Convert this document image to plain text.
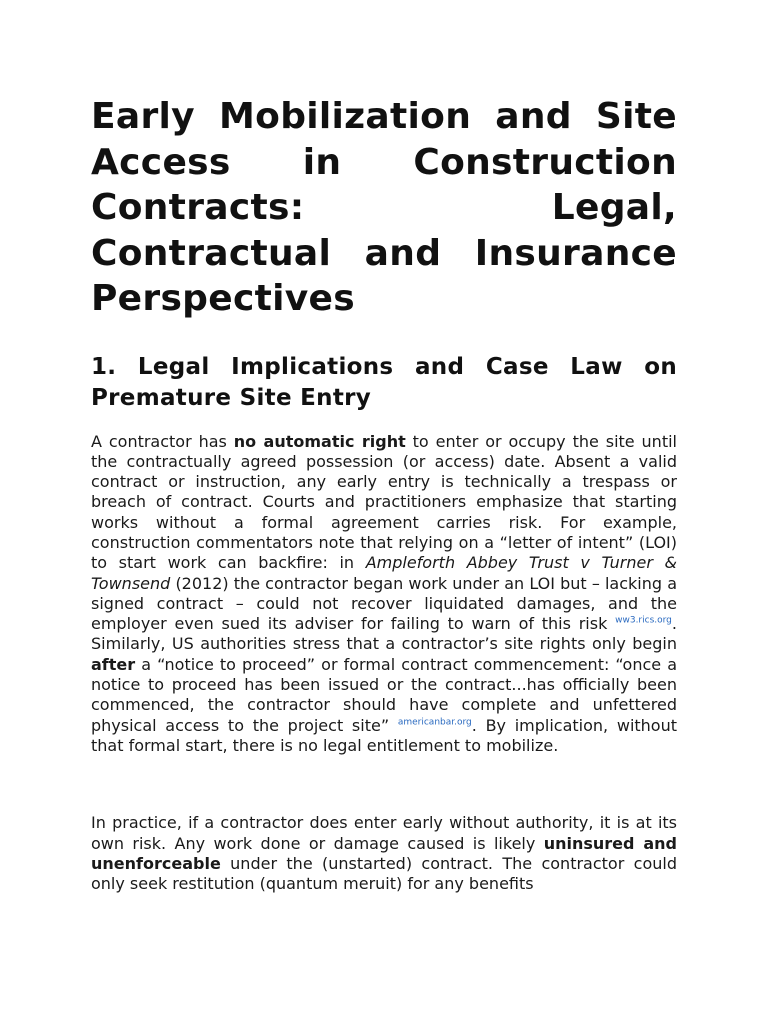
Early Mobilization and Site Access in Construction Contracts: Legal, Contractual and Insurance Perspectives
1. Legal Implications and Case Law on Premature Site Entry

A contractor has no automatic right to enter or occupy the site until the contractually agreed possession (or access) date. Absent a valid contract or instruction, any early entry is technically a trespass or breach of contract. Courts and practitioners emphasize that starting works without a formal agreement carries risk. For example, construction commentators note that relying on a “letter of intent” (LOI) to start work can backfire: in Ampleforth Abbey Trust v Turner & Townsend (2012) the contractor began work under an LOI but – lacking a signed contract – could not recover liquidated damages, and the employer even sued its adviser for failing to warn of this risk $^{ww3.rics.org}$. Similarly, US authorities stress that a contractor’s site rights only begin after a “notice to proceed” or formal contract commencement: “once a notice to proceed has been issued or the contract...has officially been commenced, the contractor should have complete and unfettered physical access to the project site” $^{americanbar.org}$. By implication, without that formal start, there is no legal entitlement to mobilize.

In practice, if a contractor does enter early without authority, it is at its own risk. Any work done or damage caused is likely uninsured and unenforceable under the (unstarted) contract. The contractor could only seek restitution (quantum meruit) for any benefits
